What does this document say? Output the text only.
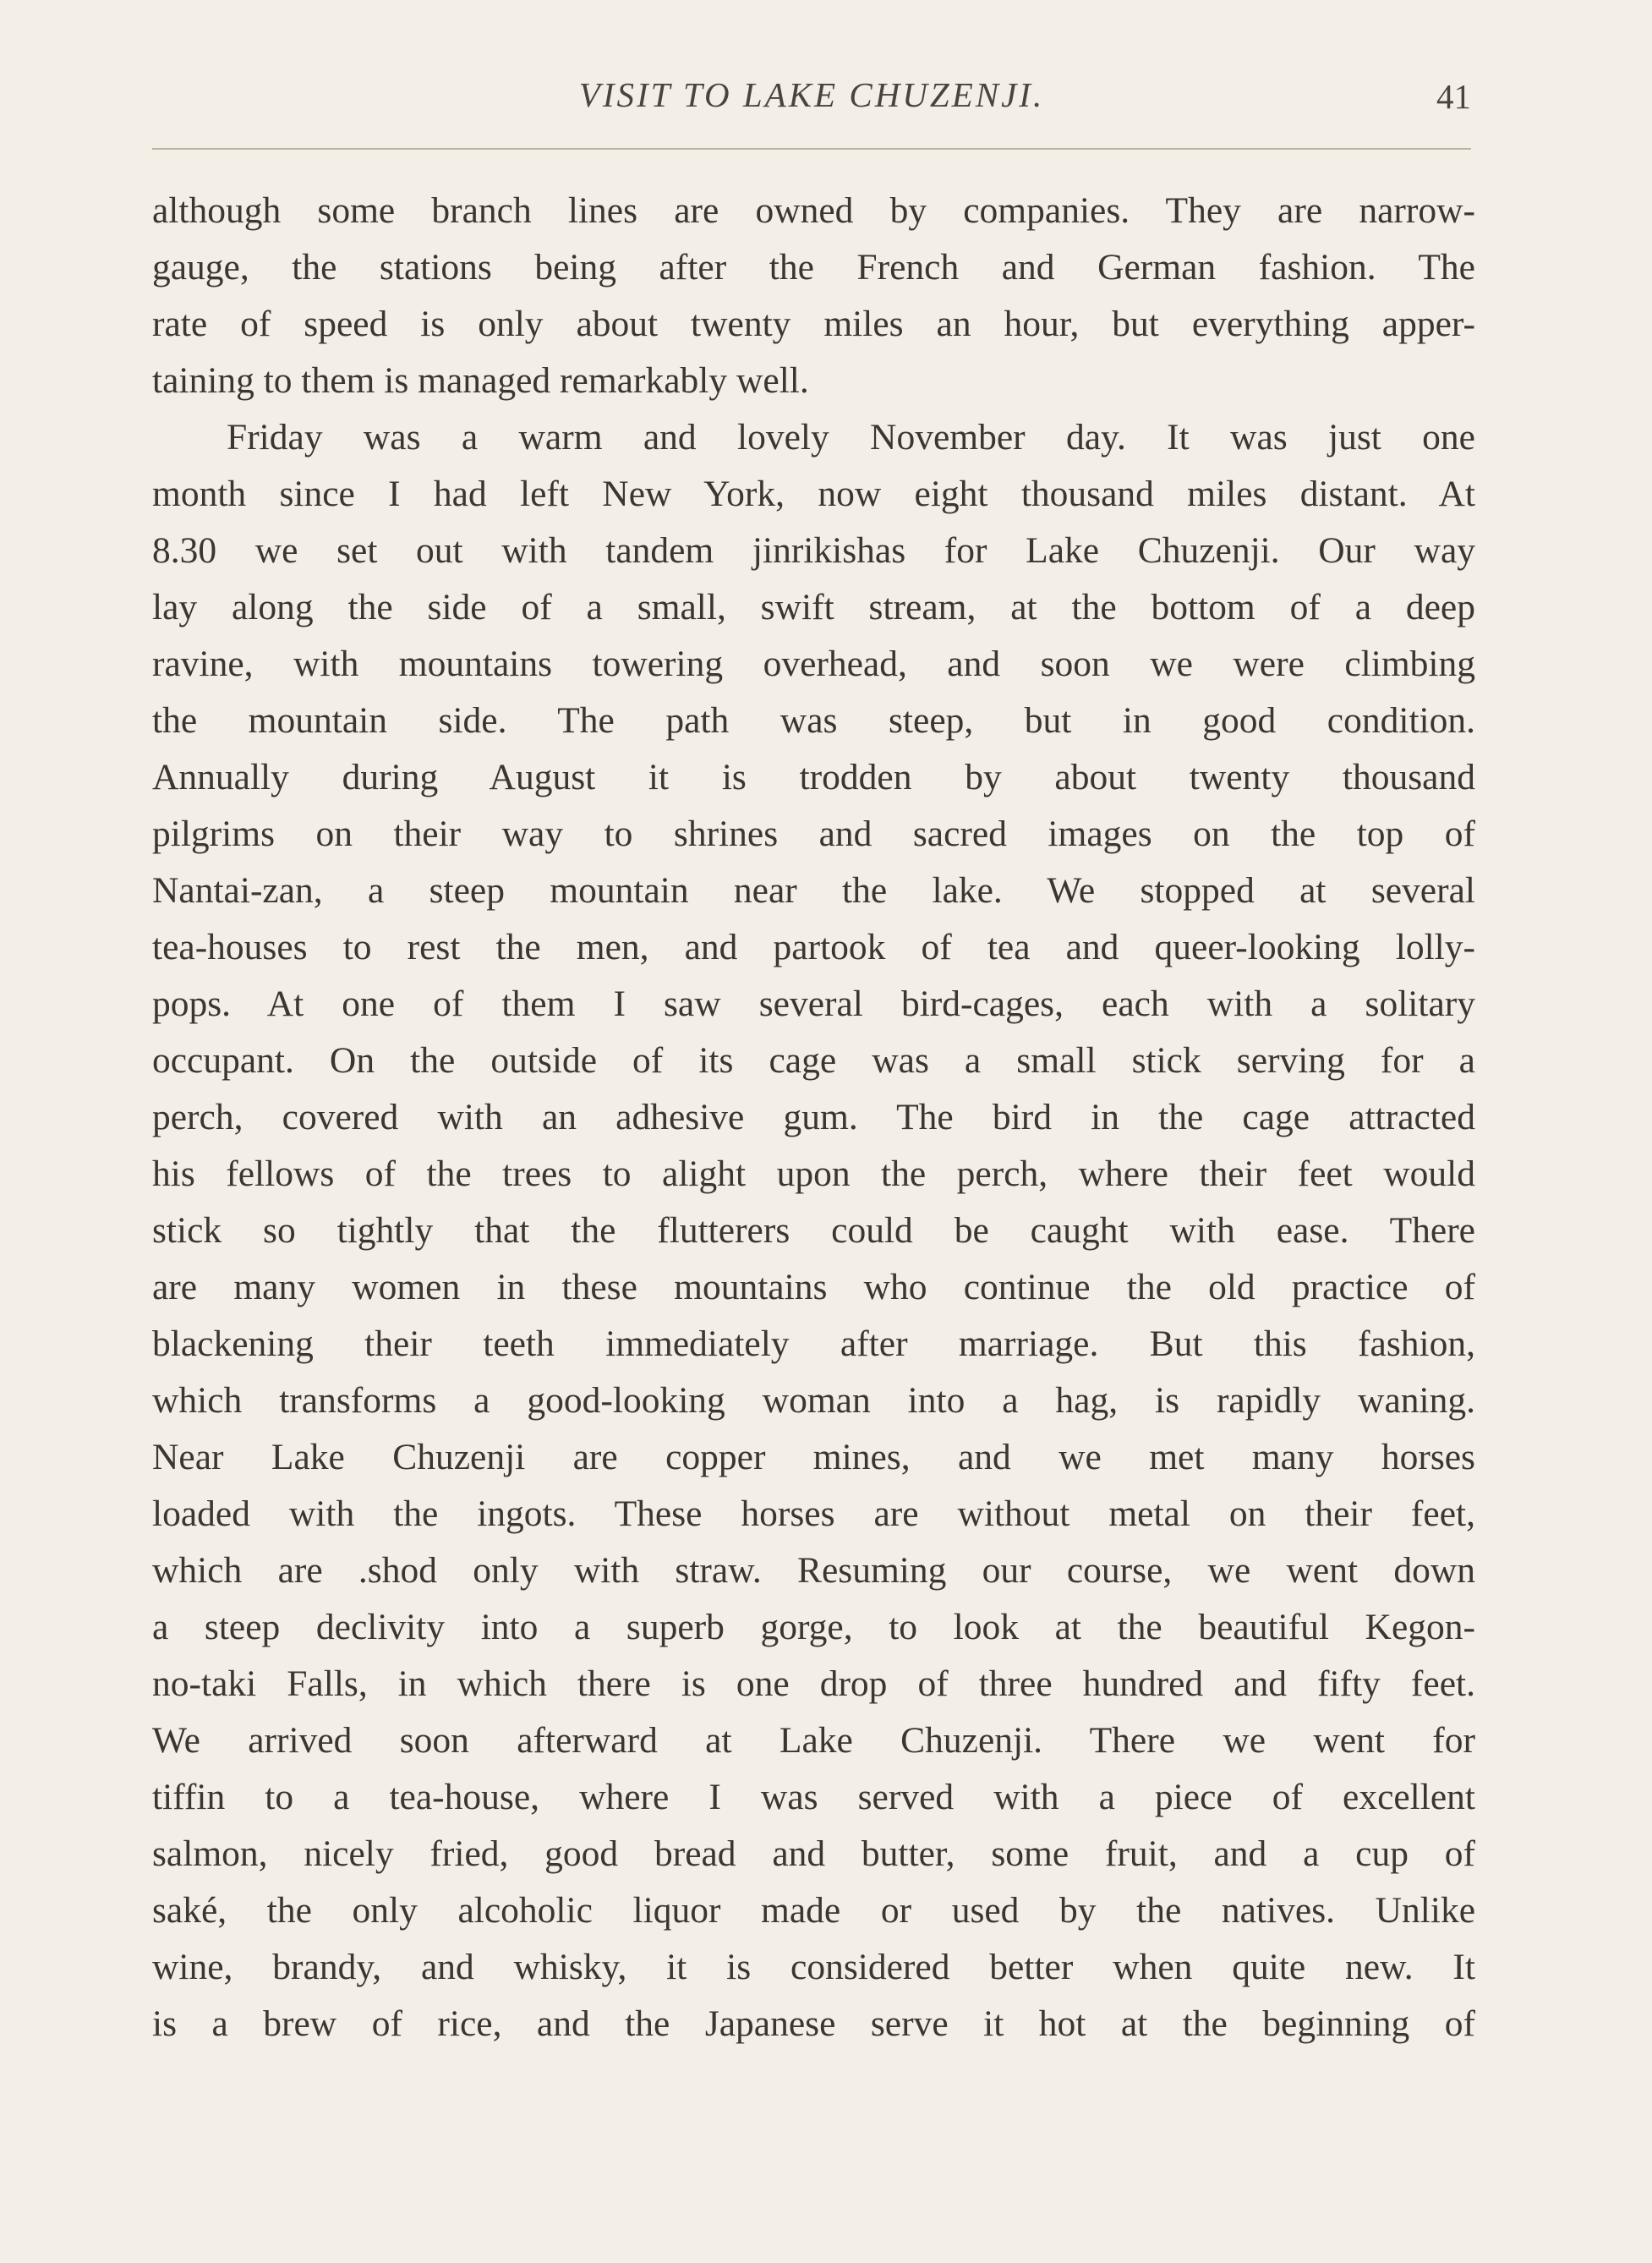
VISIT TO LAKE CHUZENJI.	41
although some branch lines are owned by companies. They are narrow-
gauge, the stations being after the French and German fashion. The
rate of speed is only about twenty miles an hour, but everything apper-
taining to them is managed remarkably well.
Friday was a warm and lovely November day. It was just one
month since I had left New York, now eight thousand miles distant. At
8.30 we set out with tandem jinrikishas for Lake Chuzenji. Our way
lay along the side of a small, swift stream, at the bottom of a deep
ravine, with mountains towering overhead, and soon we were climbing
the mountain side. The path was steep, but in good condition.
Annually during August it is trodden by about twenty thousand
pilgrims on their way to shrines and sacred images on the top of
Nantai-zan, a steep mountain near the lake. We stopped at several
tea-houses to rest the men, and partook of tea and queer-looking lolly-
pops. At one of them I saw several bird-cages, each with a solitary
occupant. On the outside of its cage was a small stick serving for a
perch, covered with an adhesive gum. The bird in the cage attracted
his fellows of the trees to alight upon the perch, where their feet would
stick so tightly that the flutterers could be caught with ease. There
are many women in these mountains who continue the old practice of
blackening their teeth immediately after marriage. But this fashion,
which transforms a good-looking woman into a hag, is rapidly waning.
Near Lake Chuzenji are copper mines, and we met many horses
loaded with the ingots. These horses are without metal on their feet,
which are .shod only with straw. Resuming our course, we went down
a steep declivity into a superb gorge, to look at the beautiful Kegon-
no-taki Falls, in which there is one drop of three hundred and fifty feet.
We arrived soon afterward at Lake Chuzenji. There we went for
tiffin to a tea-house, where I was served with a piece of excellent
salmon, nicely fried, good bread and butter, some fruit, and a cup of
saké, the only alcoholic liquor made or used by the natives. Unlike
wine, brandy, and whisky, it is considered better when quite new. It
is a brew of rice, and the Japanese serve it hot at the beginning of
